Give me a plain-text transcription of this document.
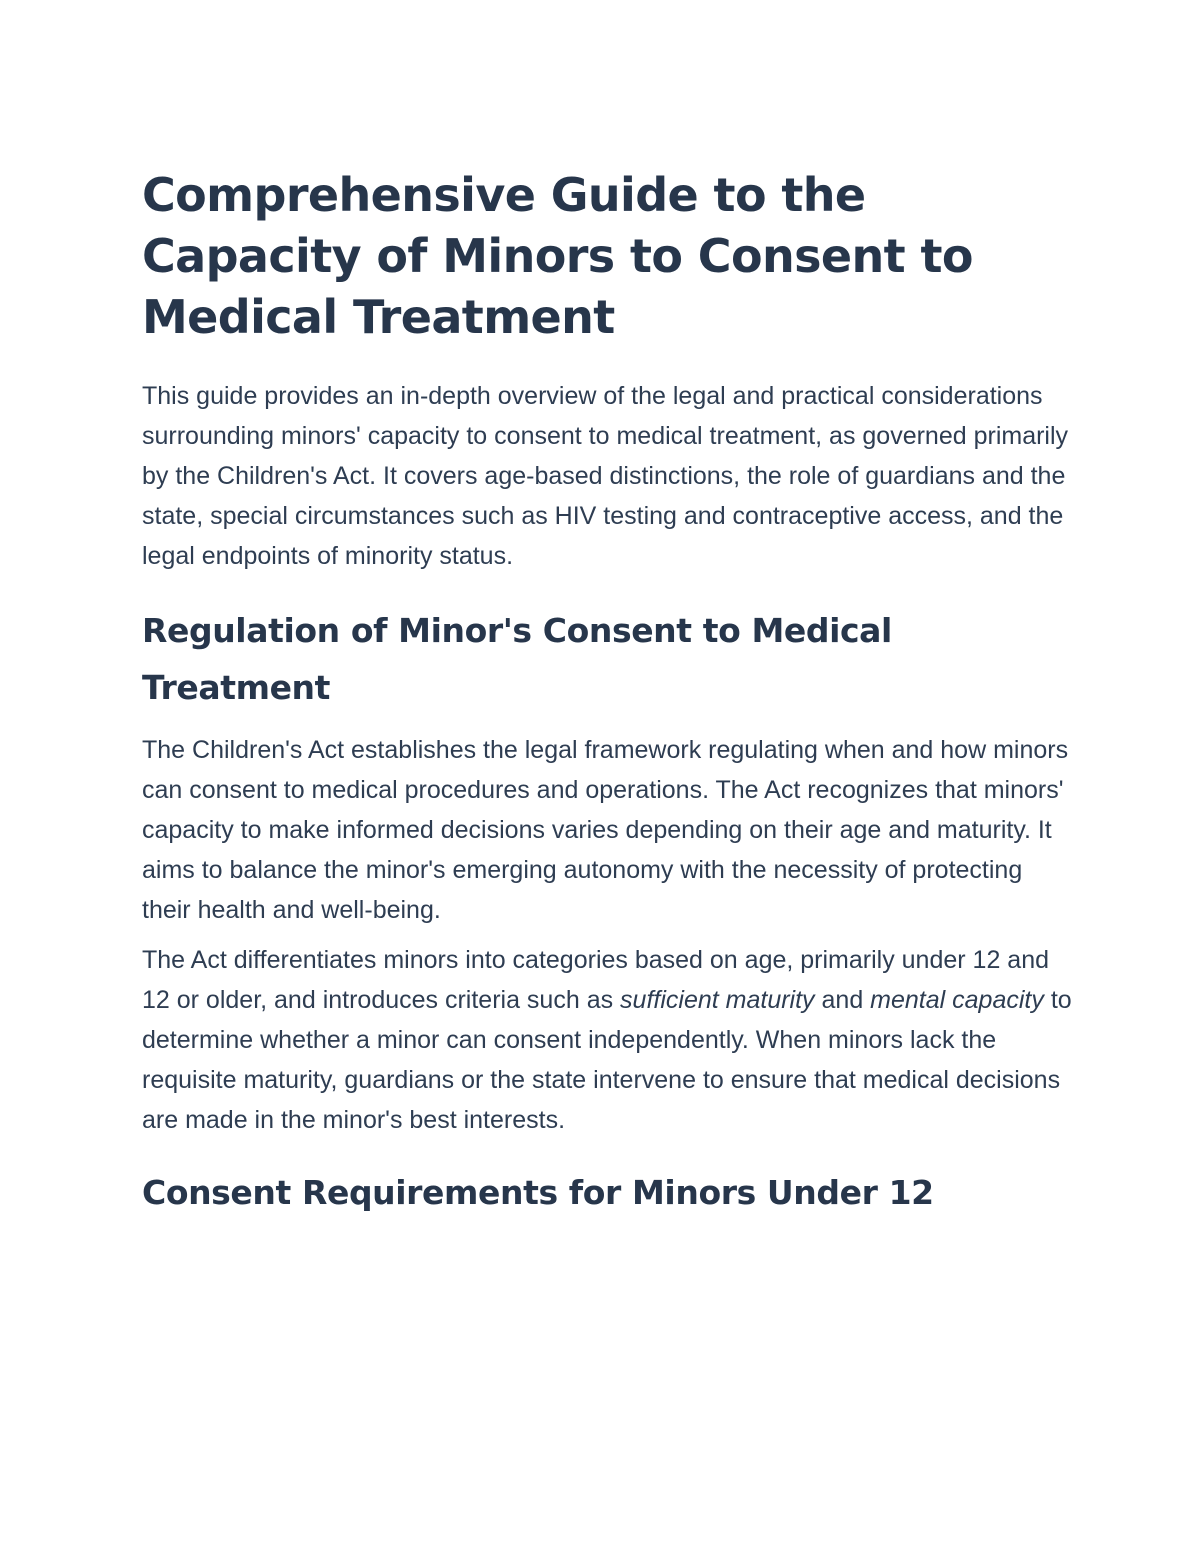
Comprehensive Guide to the Capacity of Minors to Consent to Medical Treatment

This guide provides an in-depth overview of the legal and practical considerations surrounding minors' capacity to consent to medical treatment, as governed primarily by the Children's Act. It covers age-based distinctions, the role of guardians and the state, special circumstances such as HIV testing and contraceptive access, and the legal endpoints of minority status.

Regulation of Minor's Consent to Medical Treatment

The Children's Act establishes the legal framework regulating when and how minors can consent to medical procedures and operations. The Act recognizes that minors' capacity to make informed decisions varies depending on their age and maturity. It aims to balance the minor's emerging autonomy with the necessity of protecting their health and well-being.

The Act differentiates minors into categories based on age, primarily under 12 and 12 or older, and introduces criteria such as sufficient maturity and mental capacity to determine whether a minor can consent independently. When minors lack the requisite maturity, guardians or the state intervene to ensure that medical decisions are made in the minor's best interests.

Consent Requirements for Minors Under 12
